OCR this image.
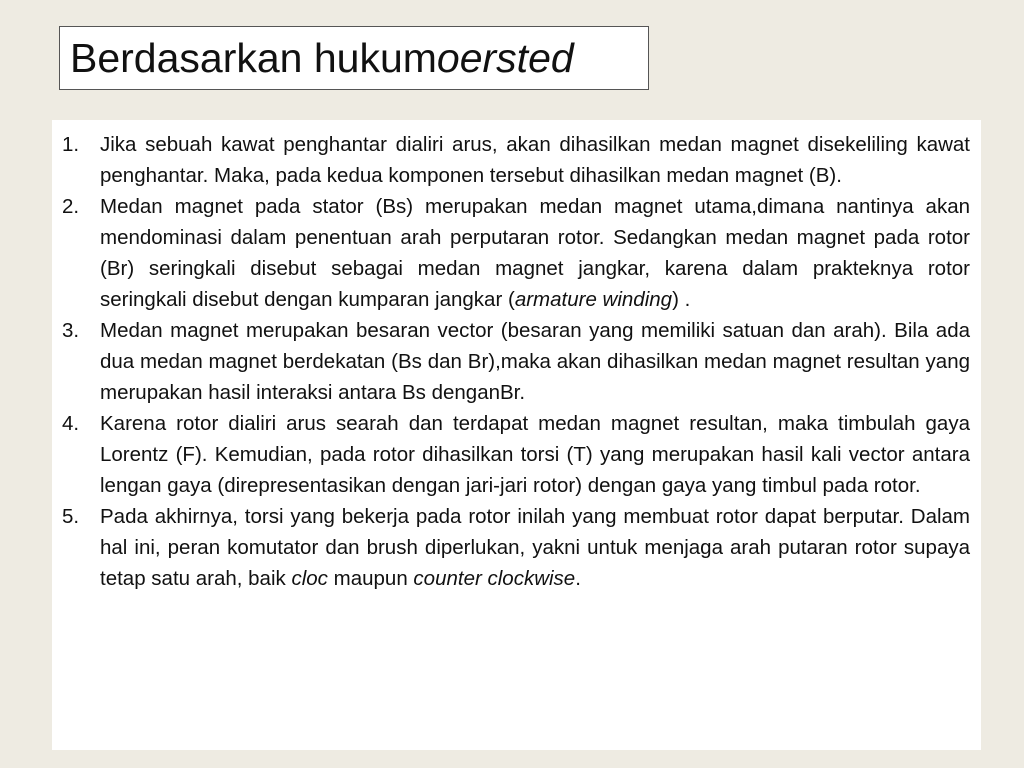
Berdasarkan hukum oersted
1. Jika sebuah kawat penghantar dialiri arus, akan dihasilkan medan magnet disekeliling kawat penghantar. Maka, pada kedua komponen tersebut dihasilkan medan magnet (B).
2. Medan magnet pada stator (Bs) merupakan medan magnet utama,dimana nantinya akan mendominasi dalam penentuan arah perputaran rotor. Sedangkan medan magnet pada rotor (Br) seringkali disebut sebagai medan magnet jangkar, karena dalam prakteknya rotor seringkali disebut dengan kumparan jangkar (armature winding) .
3. Medan magnet merupakan besaran vector (besaran yang memiliki satuan dan arah). Bila ada dua medan magnet berdekatan (Bs dan Br),maka akan dihasilkan medan magnet resultan yang merupakan hasil interaksi antara Bs denganBr.
4. Karena rotor dialiri arus searah dan terdapat medan magnet resultan, maka timbulah gaya Lorentz (F). Kemudian, pada rotor dihasilkan torsi (T) yang merupakan hasil kali vector antara lengan gaya (direpresentasikan dengan jari-jari rotor) dengan gaya yang timbul pada rotor.
5. Pada akhirnya, torsi yang bekerja pada rotor inilah yang membuat rotor dapat berputar. Dalam hal ini, peran komutator dan brush diperlukan, yakni untuk menjaga arah putaran rotor supaya tetap satu arah, baik cloc maupun counter clockwise.
